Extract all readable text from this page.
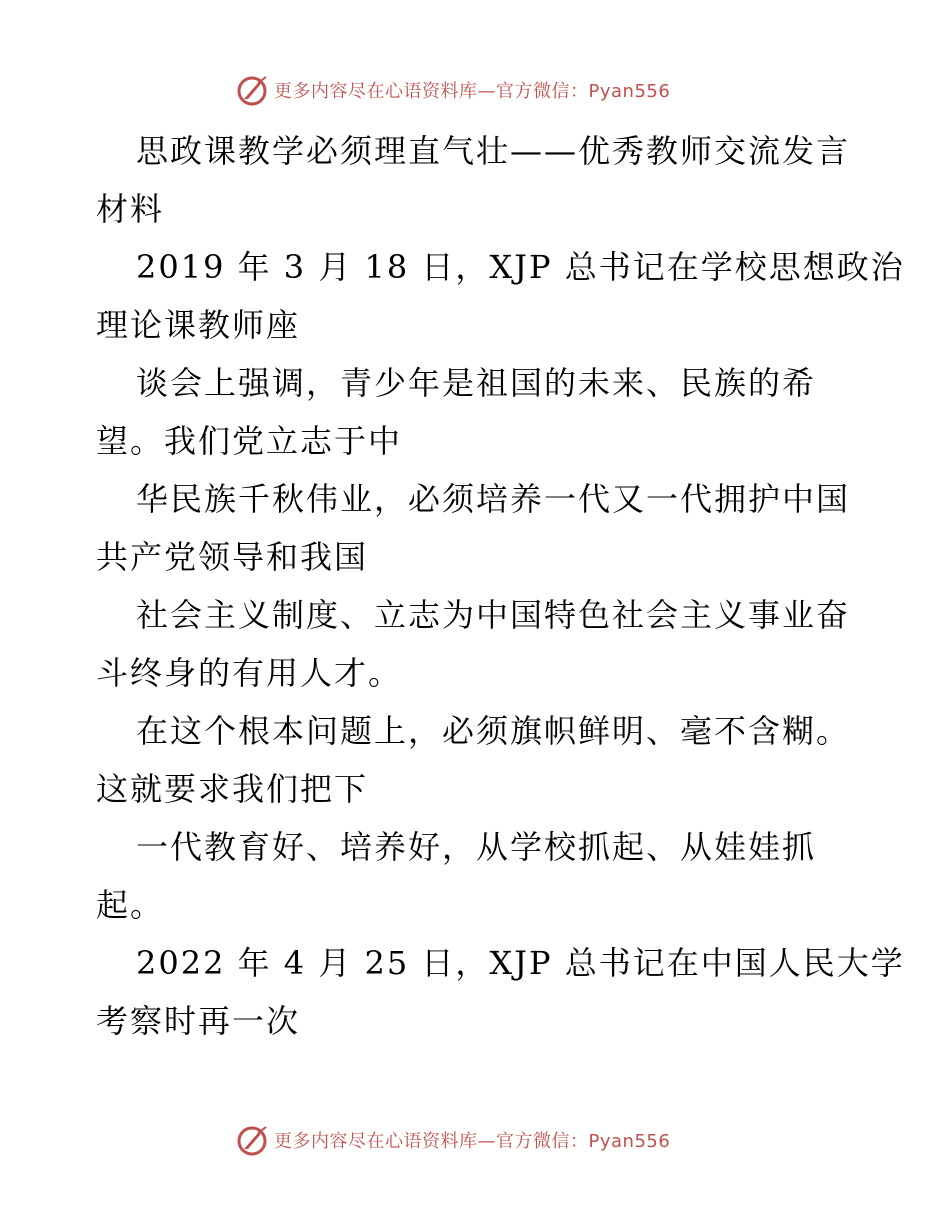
更多内容尽在心语资料库—官方微信：Pyan556
思政课教学必须理直气壮——优秀教师交流发言
材料
2019 年 3 月 18 日，XJP 总书记在学校思想政治
理论课教师座
谈会上强调，青少年是祖国的未来、民族的希
望。我们党立志于中
华民族千秋伟业，必须培养一代又一代拥护中国
共产党领导和我国
社会主义制度、立志为中国特色社会主义事业奋
斗终身的有用人才。
在这个根本问题上，必须旗帜鲜明、毫不含糊。
这就要求我们把下
一代教育好、培养好，从学校抓起、从娃娃抓
起。
2022 年 4 月 25 日，XJP 总书记在中国人民大学
考察时再一次
更多内容尽在心语资料库—官方微信：Pyan556
